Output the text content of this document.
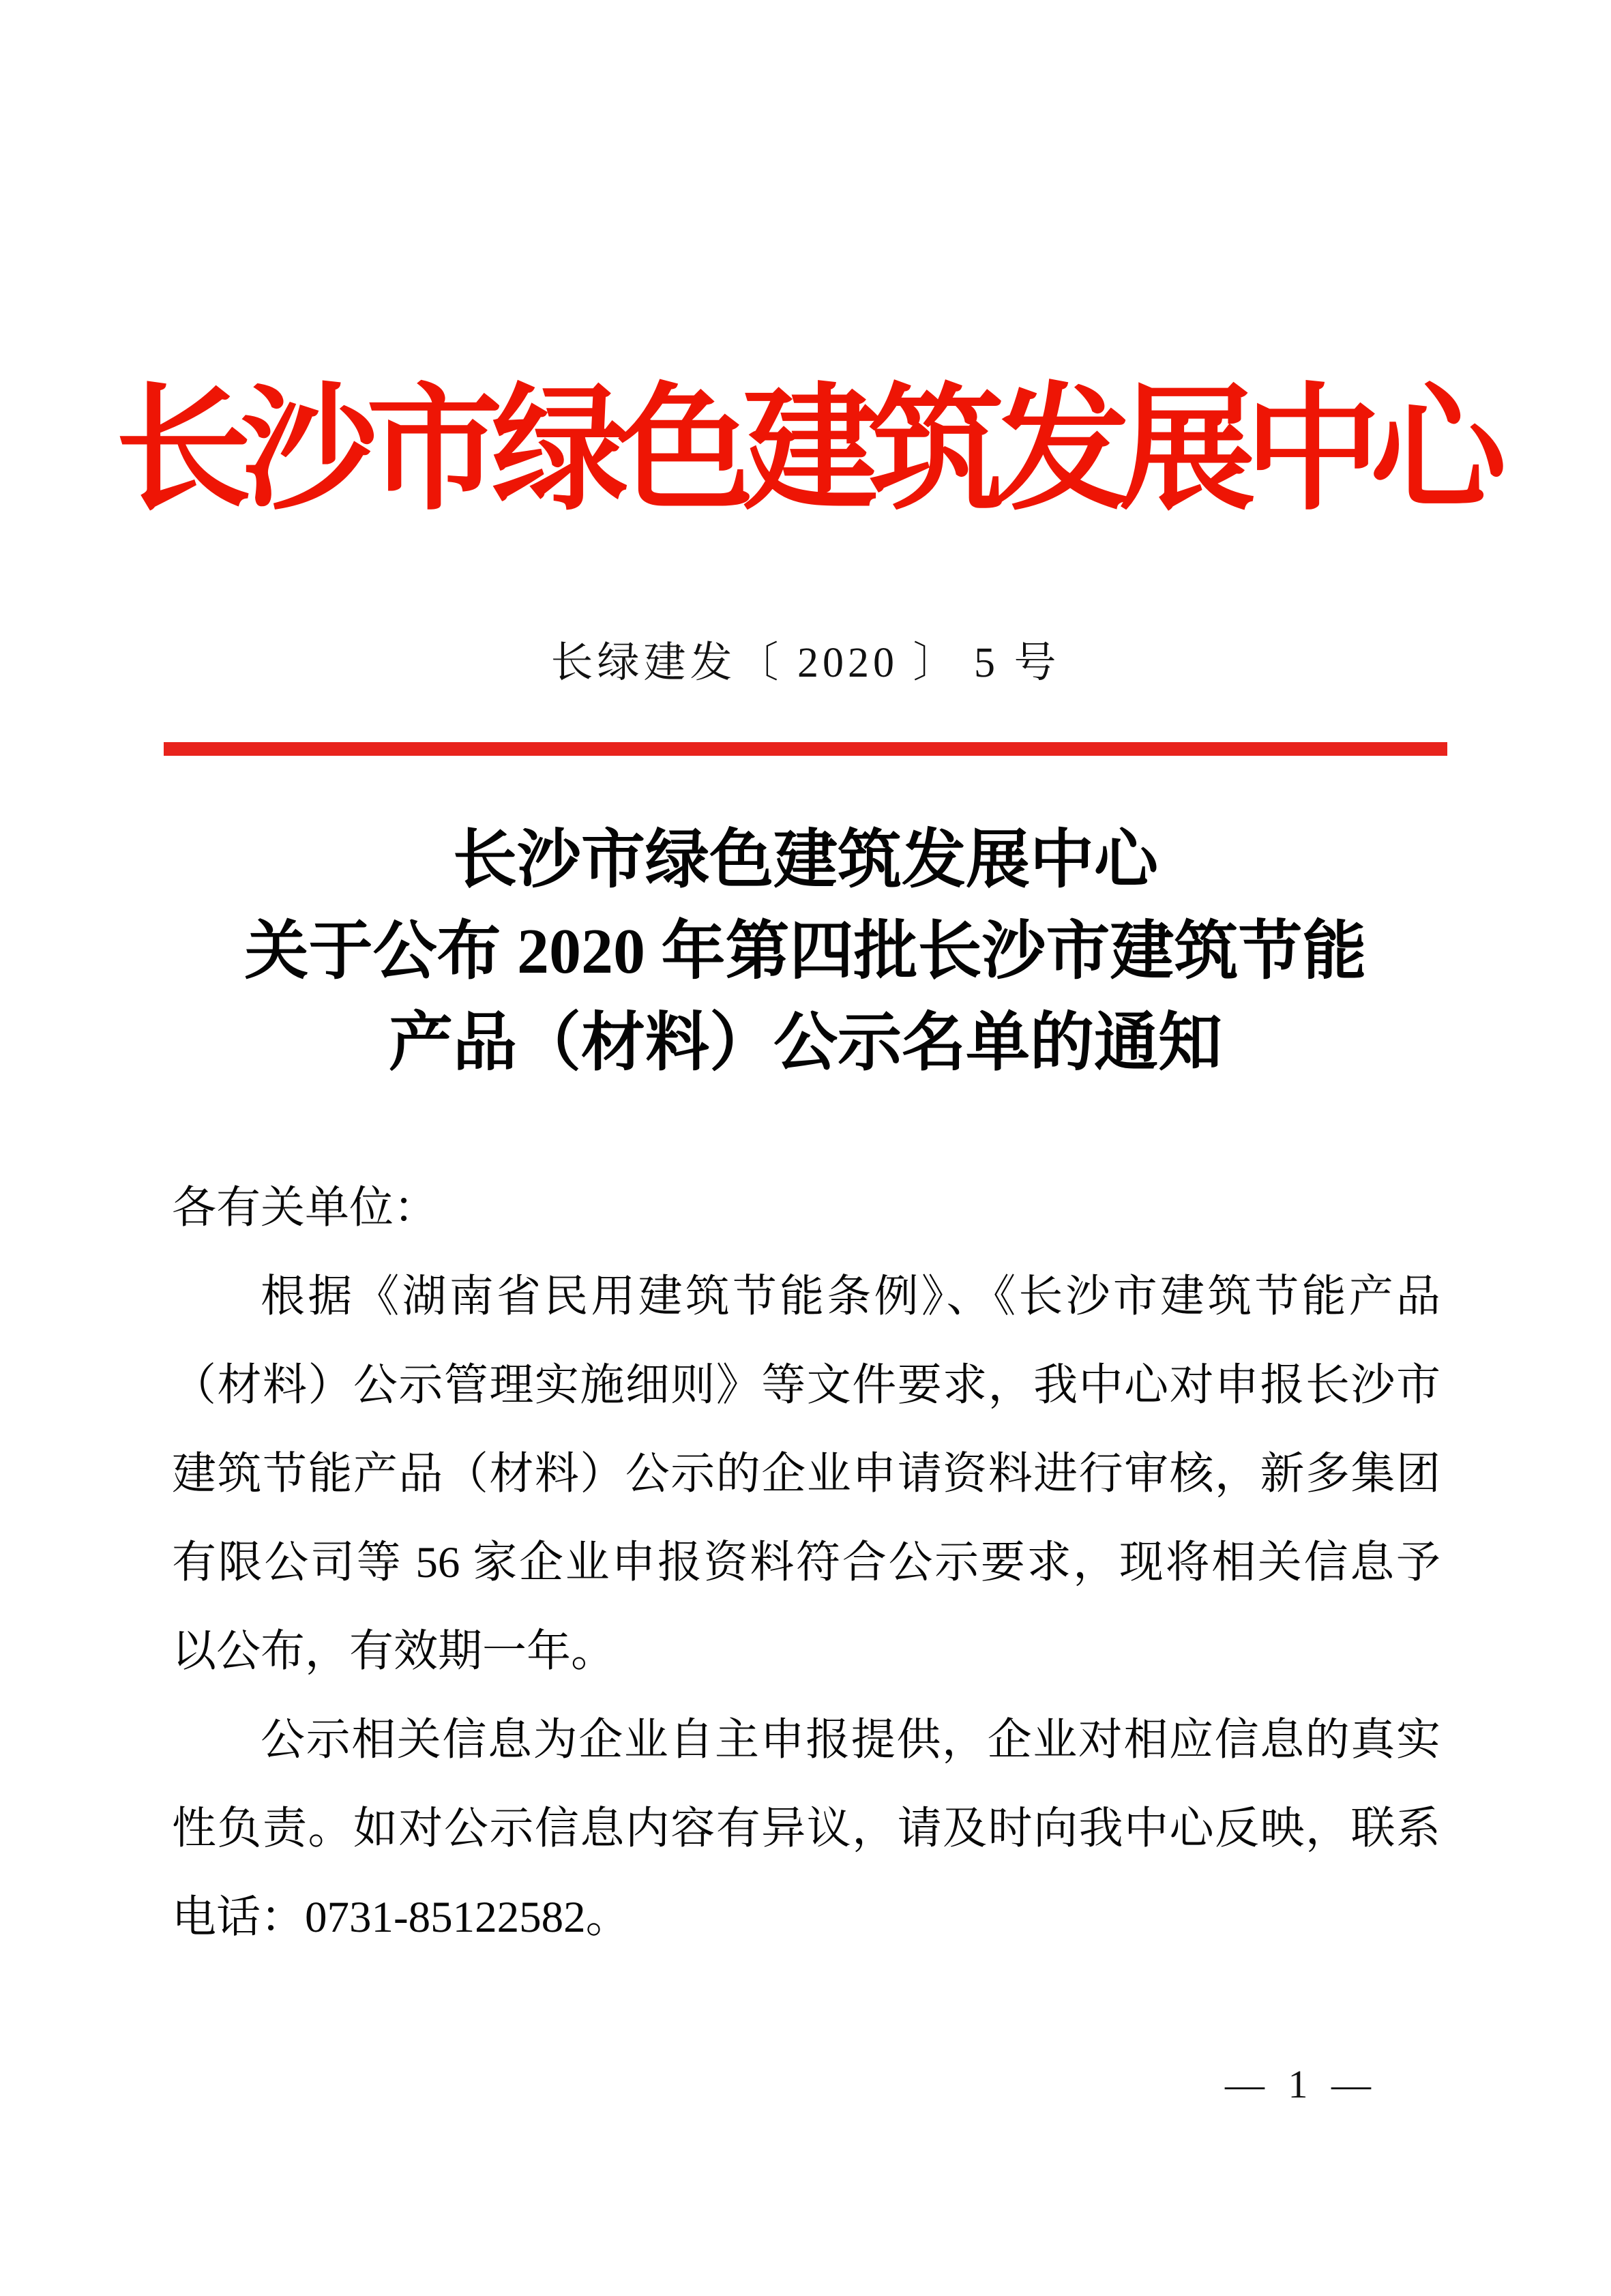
长沙市绿色建筑发展中心
长绿建发〔 2020 〕 5 号
长沙市绿色建筑发展中心
关于公布 2020 年第四批长沙市建筑节能
产品（材料）公示名单的通知
各有关单位：
根据《湖南省民用建筑节能条例》、《长沙市建筑节能产品
（材料）公示管理实施细则》等文件要求，我中心对申报长沙市
建筑节能产品（材料）公示的企业申请资料进行审核，新多集团
有限公司等 56 家企业申报资料符合公示要求，现将相关信息予
以公布，有效期一年。
公示相关信息为企业自主申报提供，企业对相应信息的真实
性负责。如对公示信息内容有异议，请及时向我中心反映，联系
电话：0731-85122582。
— 1 —
